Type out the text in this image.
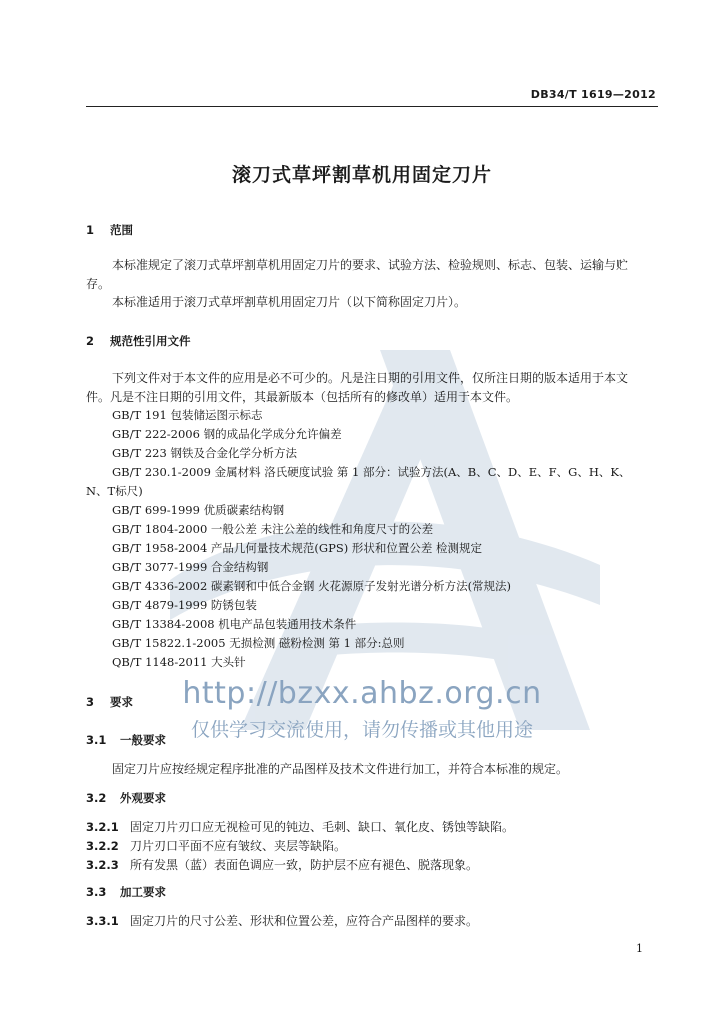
http://bzxx.ahbz.org.cn
仅供学习交流使用，请勿传播或其他用途
DB34/T 1619—2012
滚刀式草坪割草机用固定刀片
1 范围
本标准规定了滚刀式草坪割草机用固定刀片的要求、试验方法、检验规则、标志、包装、运输与贮
存。
本标准适用于滚刀式草坪割草机用固定刀片（以下简称固定刀片）。
2 规范性引用文件
下列文件对于本文件的应用是必不可少的。凡是注日期的引用文件，仅所注日期的版本适用于本文
件。凡是不注日期的引用文件，其最新版本（包括所有的修改单）适用于本文件。
GB/T 191 包装储运图示标志
GB/T 222-2006 钢的成品化学成分允许偏差
GB/T 223 钢铁及合金化学分析方法
GB/T 230.1-2009 金属材料 洛氏硬度试验 第 1 部分：试验方法(A、B、C、D、E、F、G、H、K、
N、T标尺)
GB/T 699-1999 优质碳素结构钢
GB/T 1804-2000 一般公差 未注公差的线性和角度尺寸的公差
GB/T 1958-2004 产品几何量技术规范(GPS) 形状和位置公差 检测规定
GB/T 3077-1999 合金结构钢
GB/T 4336-2002 碳素钢和中低合金钢 火花源原子发射光谱分析方法(常规法)
GB/T 4879-1999 防锈包装
GB/T 13384-2008 机电产品包装通用技术条件
GB/T 15822.1-2005 无损检测 磁粉检测 第 1 部分:总则
QB/T 1148-2011 大头针
3 要求
3.1 一般要求
固定刀片应按经规定程序批准的产品图样及技术文件进行加工，并符合本标准的规定。
3.2 外观要求
3.2.1 固定刀片刃口应无视检可见的钝边、毛刺、缺口、氧化皮、锈蚀等缺陷。
3.2.2 刀片刃口平面不应有皱纹、夹层等缺陷。
3.2.3 所有发黑（蓝）表面色调应一致，防护层不应有褪色、脱落现象。
3.3 加工要求
3.3.1 固定刀片的尺寸公差、形状和位置公差，应符合产品图样的要求。
1
